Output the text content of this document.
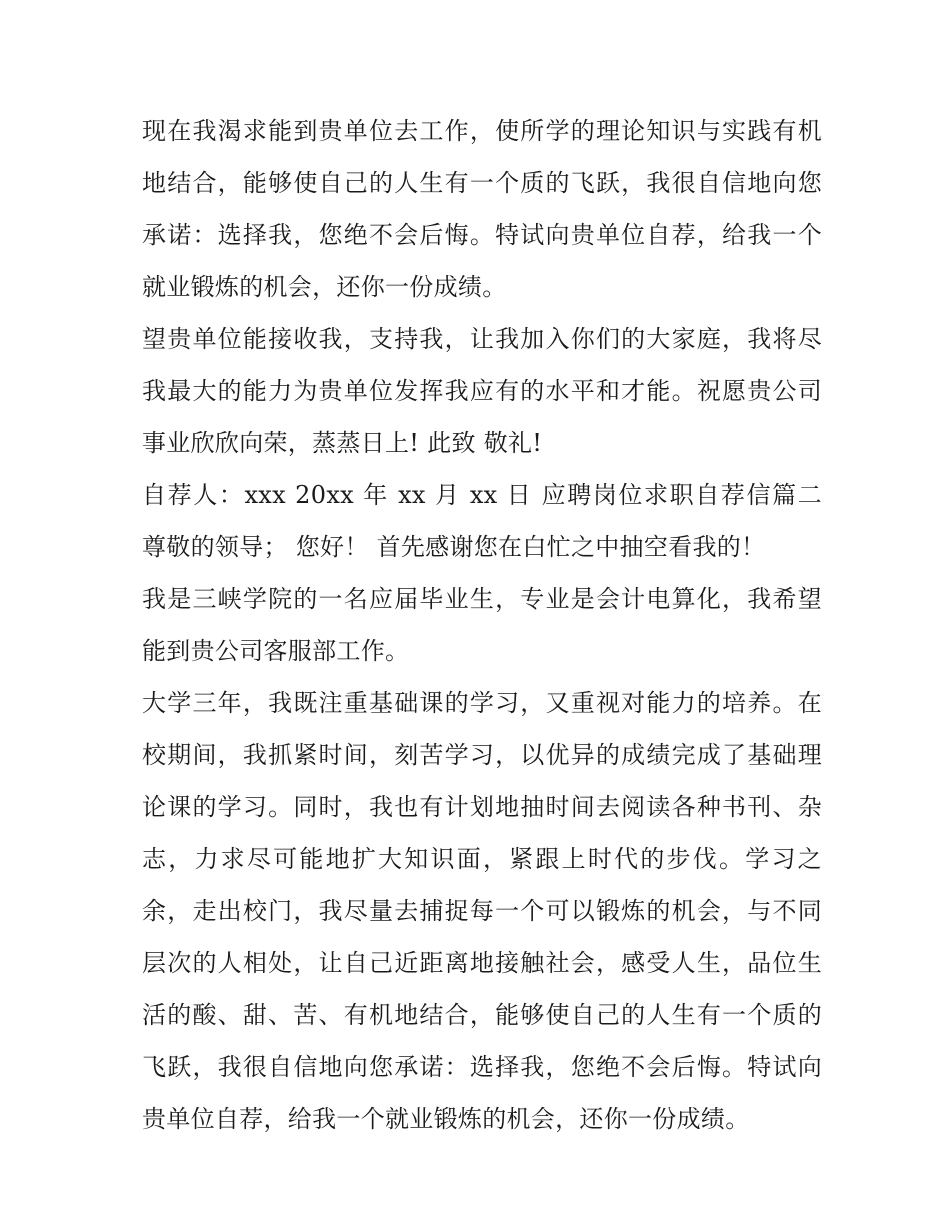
现在我渴求能到贵单位去工作，使所学的理论知识与实践有机地结合，能够使自己的人生有一个质的飞跃，我很自信地向您承诺：选择我，您绝不会后悔。特试向贵单位自荐，给我一个就业锻炼的机会，还你一份成绩。

望贵单位能接收我，支持我，让我加入你们的大家庭，我将尽我最大的能力为贵单位发挥我应有的水平和才能。祝愿贵公司事业欣欣向荣，蒸蒸日上! 此致 敬礼!

自荐人：xxx 20xx 年 xx 月 xx 日 应聘岗位求职自荐信篇二 尊敬的领导； 您好！ 首先感谢您在白忙之中抽空看我的！

我是三峡学院的一名应届毕业生，专业是会计电算化，我希望能到贵公司客服部工作。

大学三年，我既注重基础课的学习，又重视对能力的培养。在校期间，我抓紧时间，刻苦学习，以优异的成绩完成了基础理论课的学习。同时，我也有计划地抽时间去阅读各种书刊、杂志，力求尽可能地扩大知识面，紧跟上时代的步伐。学习之余，走出校门，我尽量去捕捉每一个可以锻炼的机会，与不同层次的人相处，让自己近距离地接触社会，感受人生，品位生活的酸、甜、苦、有机地结合，能够使自己的人生有一个质的飞跃，我很自信地向您承诺：选择我，您绝不会后悔。特试向贵单位自荐，给我一个就业锻炼的机会，还你一份成绩。
